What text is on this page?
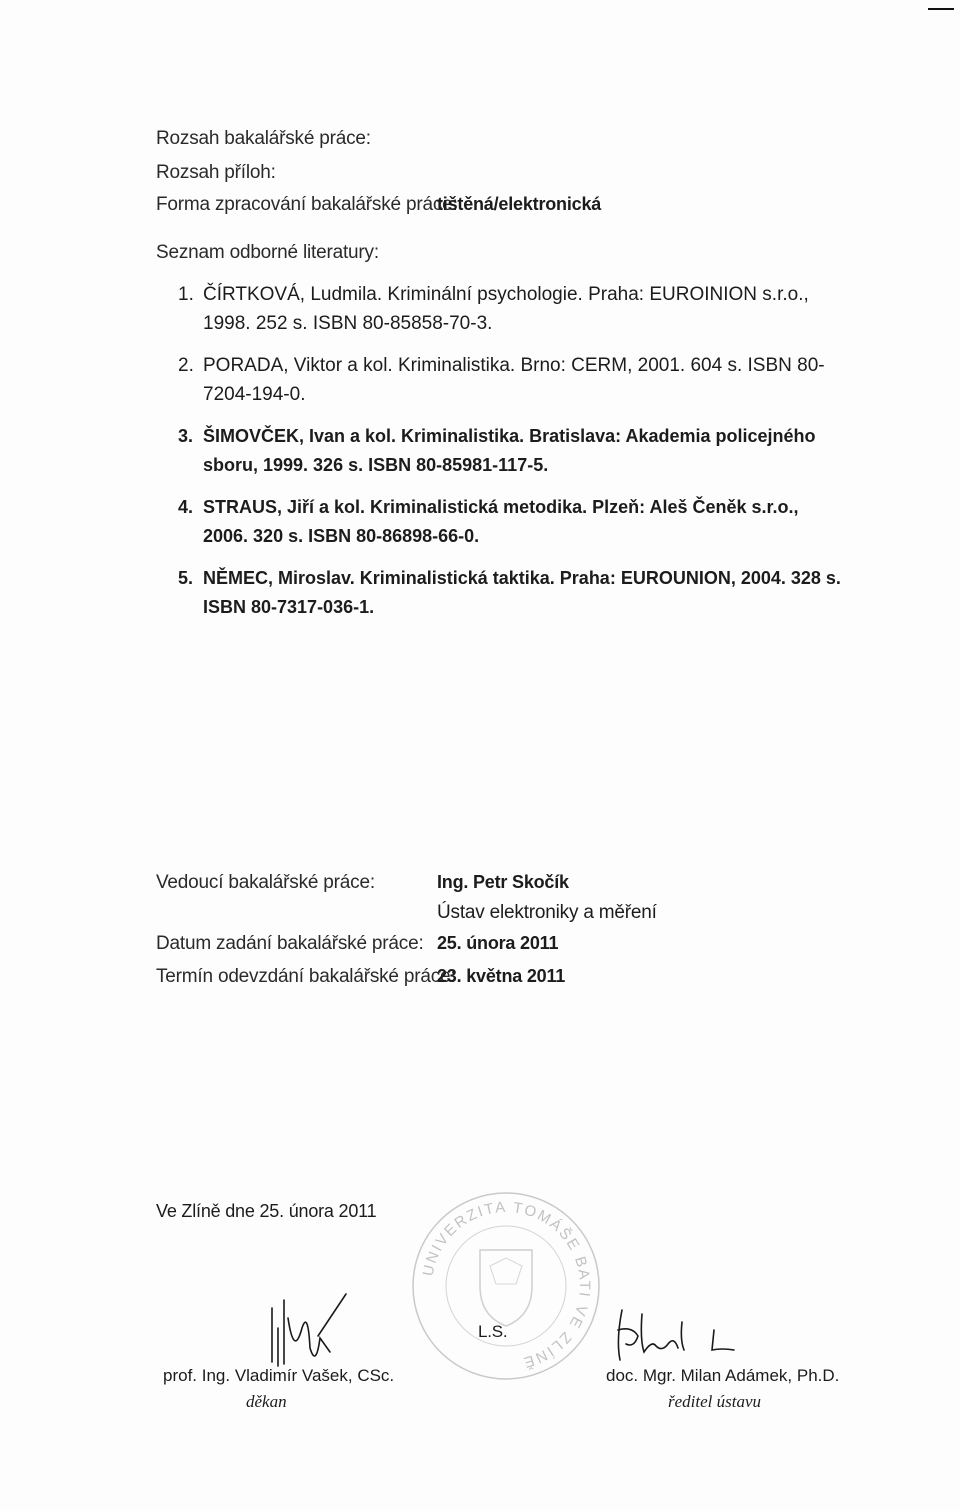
Rozsah bakalářské práce:
Rozsah příloh:
Forma zpracování bakalářské práce:
tištěná/elektronická
Seznam odborné literatury:
1. ČÍRTKOVÁ, Ludmila. Kriminální psychologie. Praha: EUROINION s.r.o., 1998. 252 s. ISBN 80-85858-70-3.
2. PORADA, Viktor a kol. Kriminalistika. Brno: CERM, 2001. 604 s. ISBN 80-7204-194-0.
3. ŠIMOVČEK, Ivan a kol. Kriminalistika. Bratislava: Akademia policejného sboru, 1999. 326 s. ISBN 80-85981-117-5.
4. STRAUS, Jiří a kol. Kriminalistická metodika. Plzeň: Aleš Čeněk s.r.o., 2006. 320 s. ISBN 80-86898-66-0.
5. NĚMEC, Miroslav. Kriminalistická taktika. Praha: EUROUNION, 2004. 328 s. ISBN 80-7317-036-1.
Vedoucí bakalářské práce:	Ing. Petr Skočík
Ústav elektroniky a měření
Datum zadání bakalářské práce: 25. února 2011
Termín odevzdání bakalářské práce:
23. května 2011
Ve Zlíně dne 25. února 2011
UNIVERZITA TOMÁŠE BATI VE ZLÍNĚ
L.S.
prof. Ing. Vladimír Vašek, CSc.
děkan
doc. Mgr. Milan Adámek, Ph.D.
ředitel ústavu
